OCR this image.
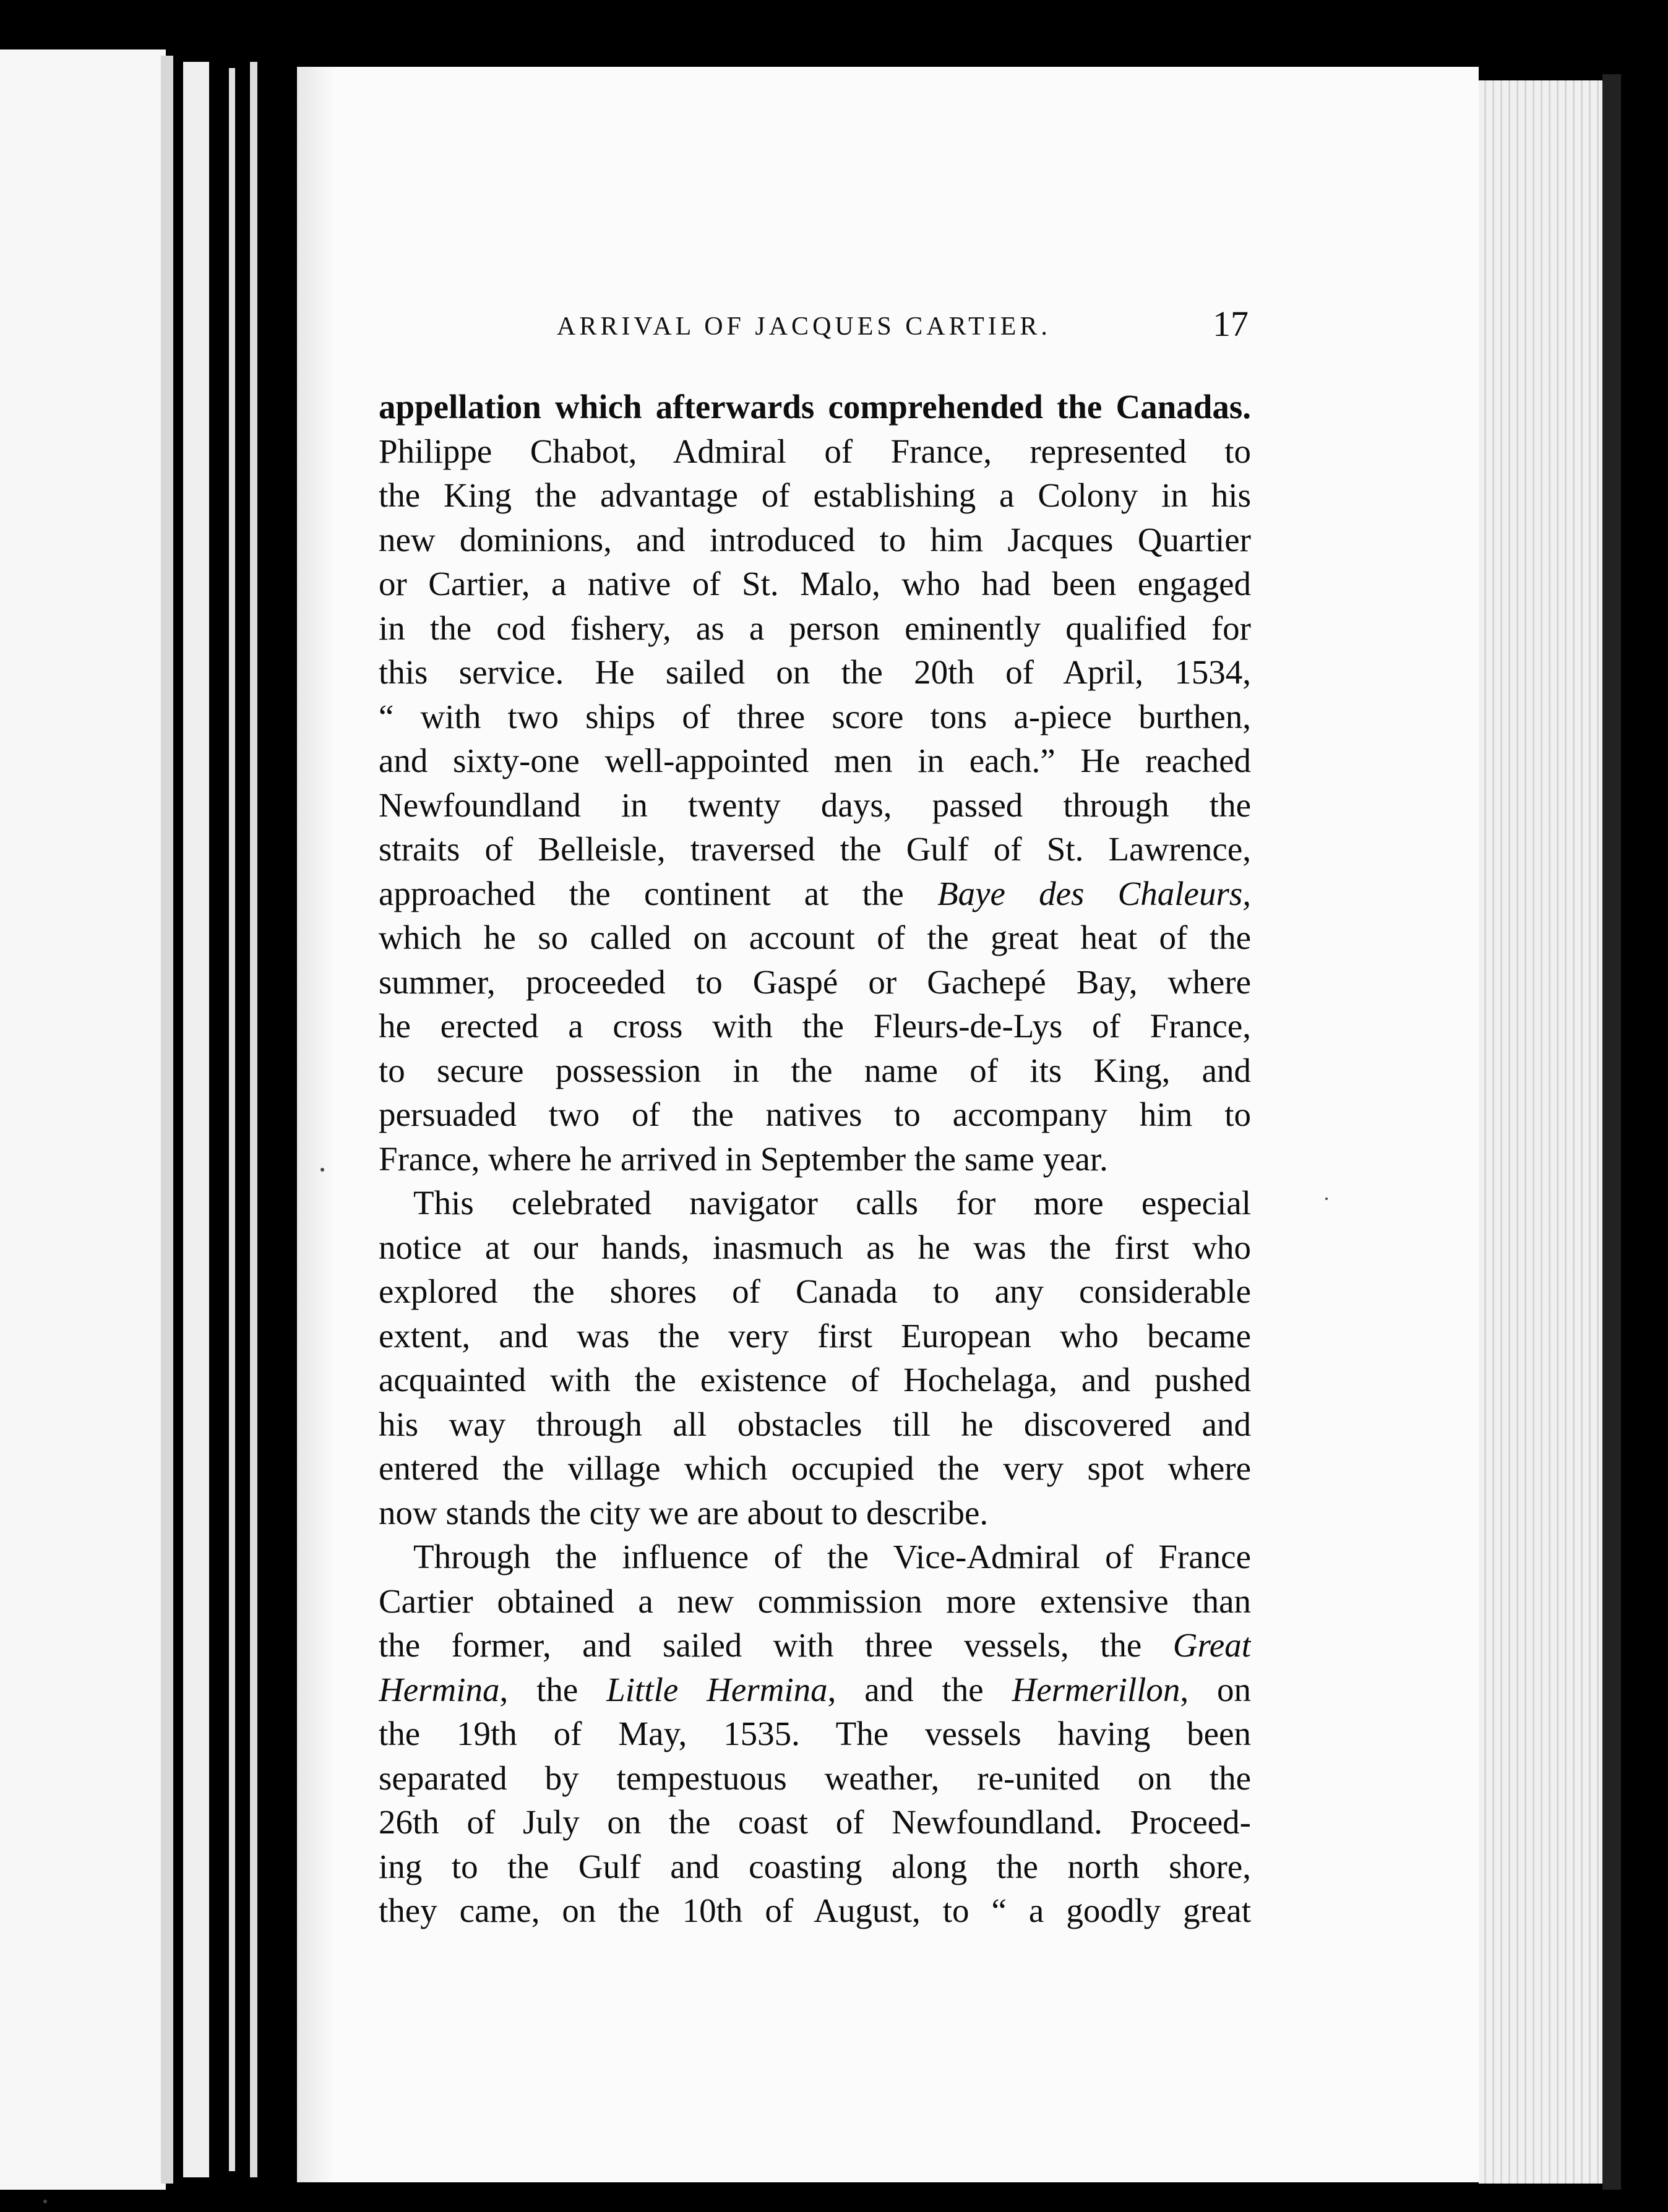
ARRIVAL OF JACQUES CARTIER.	17
appellation which afterwards comprehended the Canadas.
Philippe Chabot, Admiral of France, represented to
the King the advantage of establishing a Colony in his
new dominions, and introduced to him Jacques Quartier
or Cartier, a native of St. Malo, who had been engaged
in the cod fishery, as a person eminently qualified for
this service. He sailed on the 20th of April, 1534,
“ with two ships of three score tons a-piece burthen,
and sixty-one well-appointed men in each.” He reached
Newfoundland in twenty days, passed through the
straits of Belleisle, traversed the Gulf of St. Lawrence,
approached the continent at the Baye des Chaleurs,
which he so called on account of the great heat of the
summer, proceeded to Gaspé or Gachepé Bay, where
he erected a cross with the Fleurs-de-Lys of France,
to secure possession in the name of its King, and
persuaded two of the natives to accompany him to
France, where he arrived in September the same year.
This celebrated navigator calls for more especial
notice at our hands, inasmuch as he was the first who
explored the shores of Canada to any considerable
extent, and was the very first European who became
acquainted with the existence of Hochelaga, and pushed
his way through all obstacles till he discovered and
entered the village which occupied the very spot where
now stands the city we are about to describe.
Through the influence of the Vice-Admiral of France
Cartier obtained a new commission more extensive than
the former, and sailed with three vessels, the Great
Hermina, the Little Hermina, and the Hermerillon, on
the 19th of May, 1535. The vessels having been
separated by tempestuous weather, re-united on the
26th of July on the coast of Newfoundland. Proceed-
ing to the Gulf and coasting along the north shore,
they came, on the 10th of August, to “ a goodly great
